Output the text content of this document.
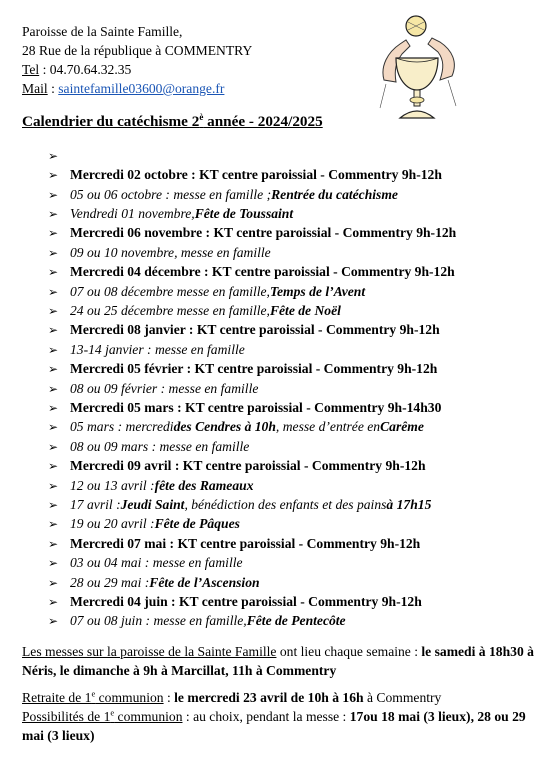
Paroisse de la Sainte Famille,
28 Rue de la république à COMMENTRY
Tel : 04.70.64.32.35
Mail : saintefamille03600@orange.fr
Calendrier du catéchisme $2^è$ année - 2024/2025
➢
➢ Mercredi 02 octobre : KT centre paroissial - Commentry 9h-12h
➢ 05 ou 06 octobre : messe en famille ; Rentrée du catéchisme
➢ Vendredi 01 novembre, Fête de Toussaint
➢ Mercredi 06 novembre : KT centre paroissial - Commentry 9h-12h
➢ 09 ou 10 novembre, messe en famille
➢ Mercredi 04 décembre : KT centre paroissial - Commentry 9h-12h
➢ 07 ou 08 décembre messe en famille, Temps de l’Avent
➢ 24 ou 25 décembre messe en famille, Fête de Noël
➢ Mercredi 08 janvier : KT centre paroissial - Commentry 9h-12h
➢ 13-14 janvier : messe en famille
➢ Mercredi 05 février : KT centre paroissial - Commentry 9h-12h
➢ 08 ou 09 février : messe en famille
➢ Mercredi 05 mars : KT centre paroissial - Commentry 9h-14h30
➢ 05 mars : mercredi des Cendres à 10h , messe d’entrée en Carême
➢ 08 ou 09 mars : messe en famille
➢ Mercredi 09 avril : KT centre paroissial - Commentry 9h-12h
➢ 12 ou 13 avril : fête des Rameaux
➢ 17 avril : Jeudi Saint , bénédiction des enfants et des pains à 17h15
➢ 19 ou 20 avril : Fête de Pâques
➢ Mercredi 07 mai : KT centre paroissial - Commentry 9h-12h
➢ 03 ou 04 mai : messe en famille
➢ 28 ou 29 mai : Fête de l’Ascension
➢ Mercredi 04 juin : KT centre paroissial - Commentry 9h-12h
➢ 07 ou 08 juin : messe en famille, Fête de Pentecôte
Les messes sur la paroisse de la Sainte Famille ont lieu chaque semaine : le samedi à 18h30 à Néris, le dimanche à 9h à Marcillat, 11h à Commentry
Retraite de 1e communion : le mercredi 23 avril de 10h à 16h à Commentry
Possibilités de 1e communion : au choix, pendant la messe : 17ou 18 mai (3 lieux), 28 ou 29 mai (3 lieux)
